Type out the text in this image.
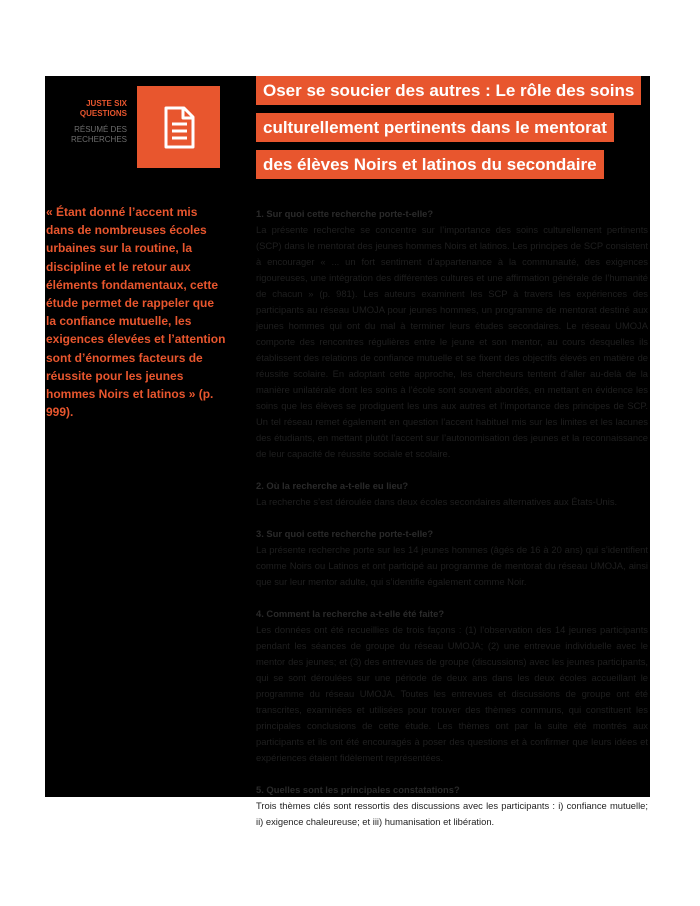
JUSTE SIX QUESTIONS
RÉSUMÉ DES RECHERCHES
Oser se soucier des autres : Le rôle des soins
culturellement pertinents dans le mentorat
des élèves Noirs et latinos du secondaire
« Étant donné l’accent mis dans de nombreuses écoles urbaines sur la routine, la discipline et le retour aux éléments fondamentaux, cette étude permet de rappeler que la confiance mutuelle, les exigences élevées et l’attention sont d’énormes facteurs de réussite pour les jeunes hommes Noirs et latinos » (p. 999).
1. Sur quoi cette recherche porte-t-elle?

La présente recherche se concentre sur l’importance des soins culturellement pertinents (SCP) dans le mentorat des jeunes hommes Noirs et latinos. Les principes de SCP consistent à encourager « ... un fort sentiment d’appartenance à la communauté, des exigences rigoureuses, une intégration des différentes cultures et une affirmation générale de l’humanité de chacun » (p. 981). Les auteurs examinent les SCP à travers les expériences des participants au réseau UMOJA pour jeunes hommes, un programme de mentorat destiné aux jeunes hommes qui ont du mal à terminer leurs études secondaires. Le réseau UMOJA comporte des rencontres régulières entre le jeune et son mentor, au cours desquelles ils établissent des relations de confiance mutuelle et se fixent des objectifs élevés en matière de réussite scolaire. En adoptant cette approche, les chercheurs tentent d’aller au-delà de la manière unilatérale dont les soins à l’école sont souvent abordés, en mettant en évidence les soins que les élèves se prodiguent les uns aux autres et l’importance des principes de SCP. Un tel réseau remet également en question l’accent habituel mis sur les limites et les lacunes des étudiants, en mettant plutôt l’accent sur l’autonomisation des jeunes et la reconnaissance de leur capacité de réussite sociale et scolaire.

2. Où la recherche a-t-elle eu lieu?

La recherche s’est déroulée dans deux écoles secondaires alternatives aux États-Unis.

3. Sur quoi cette recherche porte-t-elle?

La présente recherche porte sur les 14 jeunes hommes (âgés de 16 à 20 ans) qui s’identifient comme Noirs ou Latinos et ont participé au programme de mentorat du réseau UMOJA, ainsi que sur leur mentor adulte, qui s’identifie également comme Noir.

4. Comment la recherche a-t-elle été faite?

Les données ont été recueillies de trois façons : (1) l’observation des 14 jeunes participants pendant les séances de groupe du réseau UMOJA; (2) une entrevue individuelle avec le mentor des jeunes; et (3) des entrevues de groupe (discussions) avec les jeunes participants, qui se sont déroulées sur une période de deux ans dans les deux écoles accueillant le programme du réseau UMOJA. Toutes les entrevues et discussions de groupe ont été transcrites, examinées et utilisées pour trouver des thèmes communs, qui constituent les principales conclusions de cette étude. Les thèmes ont par la suite été montrés aux participants et ils ont été encouragés à poser des questions et à confirmer que leurs idées et expériences étaient fidèlement représentées.

5. Quelles sont les principales constatations?

Trois thèmes clés sont ressortis des discussions avec les participants : i) confiance mutuelle; ii) exigence chaleureuse; et iii) humanisation et libération.
